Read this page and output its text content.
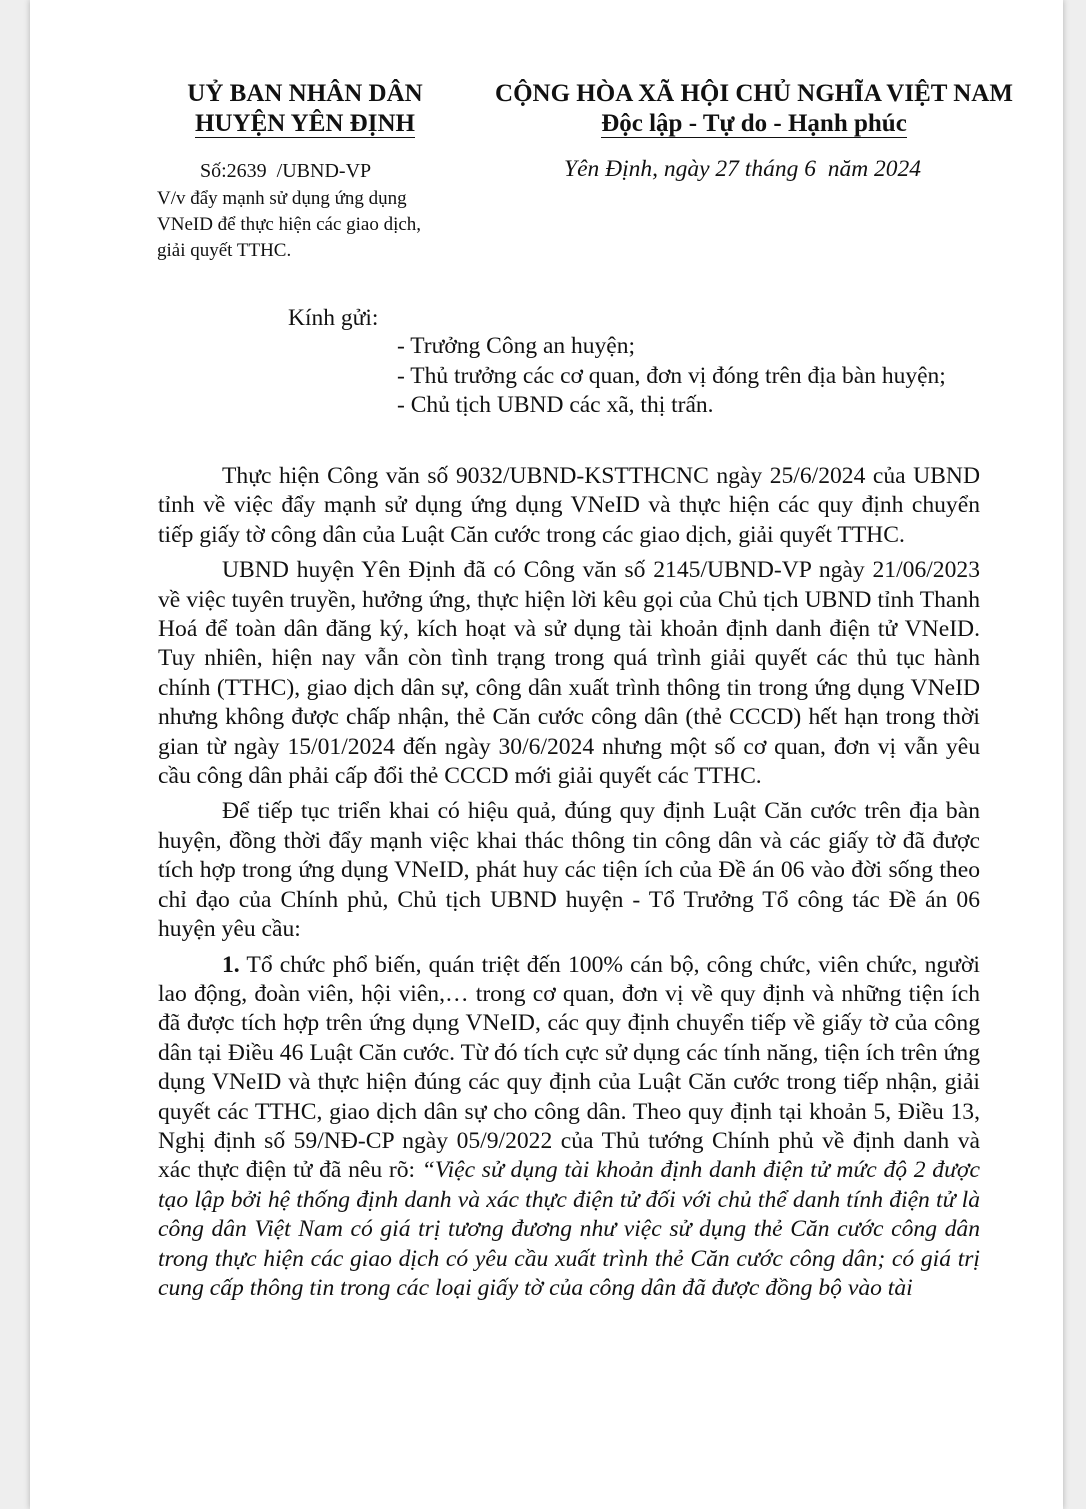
UỶ BAN NHÂN DÂN
HUYỆN YÊN ĐỊNH
CỘNG HÒA XÃ HỘI CHỦ NGHĨA VIỆT NAM
Độc lập - Tự do - Hạnh phúc
Số:2639  /UBND-VP	Yên Định, ngày 27 tháng 6  năm 2024
V/v đẩy mạnh sử dụng ứng dụng
VNeID để thực hiện các giao dịch,
giải quyết TTHC.
Kính gửi:
- Trưởng Công an huyện;
- Thủ trưởng các cơ quan, đơn vị đóng trên địa bàn huyện;
- Chủ tịch UBND các xã, thị trấn.

Thực hiện Công văn số 9032/UBND-KSTTHCNC ngày 25/6/2024 của UBND tỉnh về việc đẩy mạnh sử dụng ứng dụng VNeID và thực hiện các quy định chuyển tiếp giấy tờ công dân của Luật Căn cước trong các giao dịch, giải quyết TTHC.

UBND huyện Yên Định đã có Công văn số 2145/UBND-VP ngày 21/06/2023 về việc tuyên truyền, hưởng ứng, thực hiện lời kêu gọi của Chủ tịch UBND tỉnh Thanh Hoá để toàn dân đăng ký, kích hoạt và sử dụng tài khoản định danh điện tử VNeID. Tuy nhiên, hiện nay vẫn còn tình trạng trong quá trình giải quyết các thủ tục hành chính (TTHC), giao dịch dân sự, công dân xuất trình thông tin trong ứng dụng VNeID nhưng không được chấp nhận, thẻ Căn cước công dân (thẻ CCCD) hết hạn trong thời gian từ ngày 15/01/2024 đến ngày 30/6/2024 nhưng một số cơ quan, đơn vị vẫn yêu cầu công dân phải cấp đổi thẻ CCCD mới giải quyết các TTHC.

Để tiếp tục triển khai có hiệu quả, đúng quy định Luật Căn cước trên địa bàn huyện, đồng thời đẩy mạnh việc khai thác thông tin công dân và các giấy tờ đã được tích hợp trong ứng dụng VNeID, phát huy các tiện ích của Đề án 06 vào đời sống theo chỉ đạo của Chính phủ, Chủ tịch UBND huyện - Tổ Trưởng Tổ công tác Đề án 06 huyện yêu cầu:

1. Tổ chức phổ biến, quán triệt đến 100% cán bộ, công chức, viên chức, người lao động, đoàn viên, hội viên,… trong cơ quan, đơn vị về quy định và những tiện ích đã được tích hợp trên ứng dụng VNeID, các quy định chuyển tiếp về giấy tờ của công dân tại Điều 46 Luật Căn cước. Từ đó tích cực sử dụng các tính năng, tiện ích trên ứng dụng VNeID và thực hiện đúng các quy định của Luật Căn cước trong tiếp nhận, giải quyết các TTHC, giao dịch dân sự cho công dân. Theo quy định tại khoản 5, Điều 13, Nghị định số 59/NĐ-CP ngày 05/9/2022 của Thủ tướng Chính phủ về định danh và xác thực điện tử đã nêu rõ: “Việc sử dụng tài khoản định danh điện tử mức độ 2 được tạo lập bởi hệ thống định danh và xác thực điện tử đối với chủ thể danh tính điện tử là công dân Việt Nam có giá trị tương đương như việc sử dụng thẻ Căn cước công dân trong thực hiện các giao dịch có yêu cầu xuất trình thẻ Căn cước công dân; có giá trị cung cấp thông tin trong các loại giấy tờ của công dân đã được đồng bộ vào tài
